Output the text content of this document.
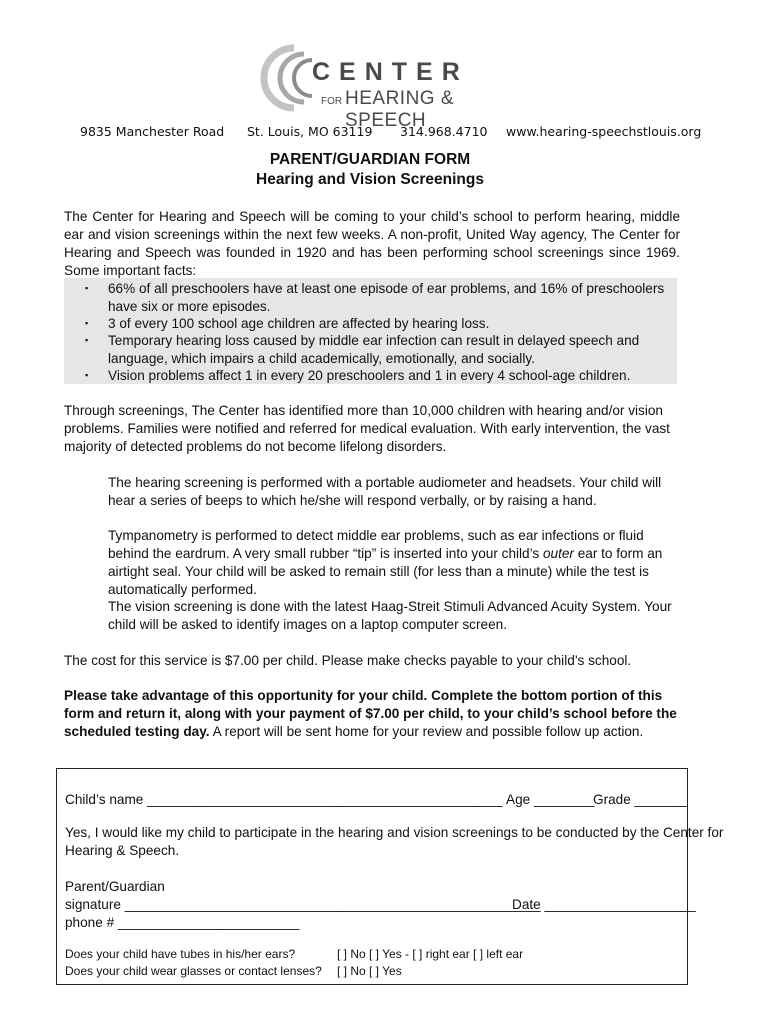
CENTER
FOR HEARING & SPEECH
9835 Manchester Road St. Louis, MO 63119 314.968.4710 www.hearing-speechstlouis.org
PARENT/GUARDIAN FORM
Hearing and Vision Screenings
The Center for Hearing and Speech will be coming to your child’s school to perform hearing, middle ear and vision screenings within the next few weeks. A non-profit, United Way agency, The Center for Hearing and Speech was founded in 1920 and has been performing school screenings since 1969. Some important facts:
▪ 66% of all preschoolers have at least one episode of ear problems, and 16% of preschoolers have six or more episodes.
▪ 3 of every 100 school age children are affected by hearing loss.
▪ Temporary hearing loss caused by middle ear infection can result in delayed speech and language, which impairs a child academically, emotionally, and socially.
▪ Vision problems affect 1 in every 20 preschoolers and 1 in every 4 school-age children.
Through screenings, The Center has identified more than 10,000 children with hearing and/or vision problems. Families were notified and referred for medical evaluation. With early intervention, the vast majority of detected problems do not become lifelong disorders.
The hearing screening is performed with a portable audiometer and headsets. Your child will hear a series of beeps to which he/she will respond verbally, or by raising a hand.
Tympanometry is performed to detect middle ear problems, such as ear infections or fluid behind the eardrum. A very small rubber “tip” is inserted into your child’s outer ear to form an airtight seal. Your child will be asked to remain still (for less than a minute) while the test is automatically performed.
The vision screening is done with the latest Haag-Streit Stimuli Advanced Acuity System. Your child will be asked to identify images on a laptop computer screen.
The cost for this service is $7.00 per child. Please make checks payable to your child’s school.
Please take advantage of this opportunity for your child. Complete the bottom portion of this form and return it, along with your payment of $7.00 per child, to your child’s school before the scheduled testing day. A report will be sent home for your review and possible follow up action.
Child’s name _______________________________________________ Age ________
Grade _______
Yes, I would like my child to participate in the hearing and vision screenings to be conducted by the Center for
Hearing & Speech.
Parent/Guardian
signature _______________________________________________________
Date ____________________
phone # ________________________
Does your child have tubes in his/her ears?	[ ] No [ ] Yes - [ ] right ear [ ] left ear
Does your child wear glasses or contact lenses? [ ] No [ ] Yes
